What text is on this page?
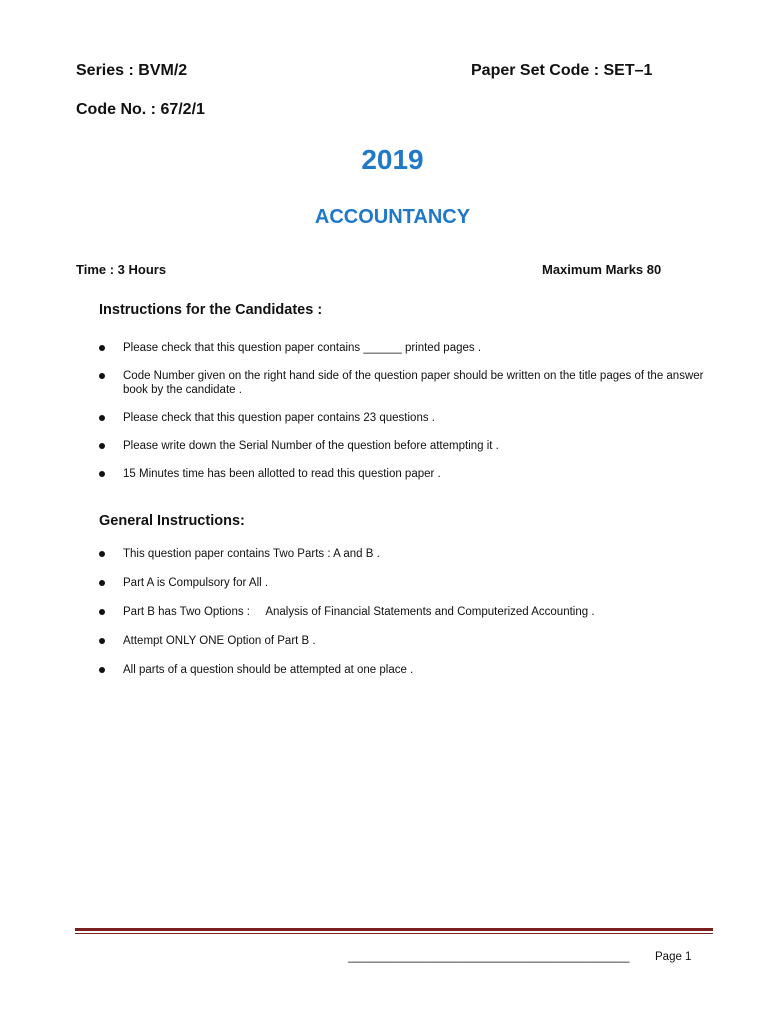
Series : BVM/2	Paper Set Code : SET–1
Code No. : 67/2/1
2019
ACCOUNTANCY
Time : 3 Hours	Maximum Marks 80
Instructions for the Candidates :
Please check that this question paper contains ______ printed pages .
Code Number given on the right hand side of the question paper should be written on the title pages of the answer book by the candidate .
Please check that this question paper contains 23 questions .
Please write down the Serial Number of the question before attempting it .
15 Minutes time has been allotted to read this question paper .
General Instructions:
This question paper contains Two Parts : A and B .
Part A is Compulsory for All .
Part B has Two Options :     Analysis of Financial Statements and Computerized Accounting .
Attempt ONLY ONE Option of Part B .
All parts of a question should be attempted at one place .
____________________________________________ Page 1
